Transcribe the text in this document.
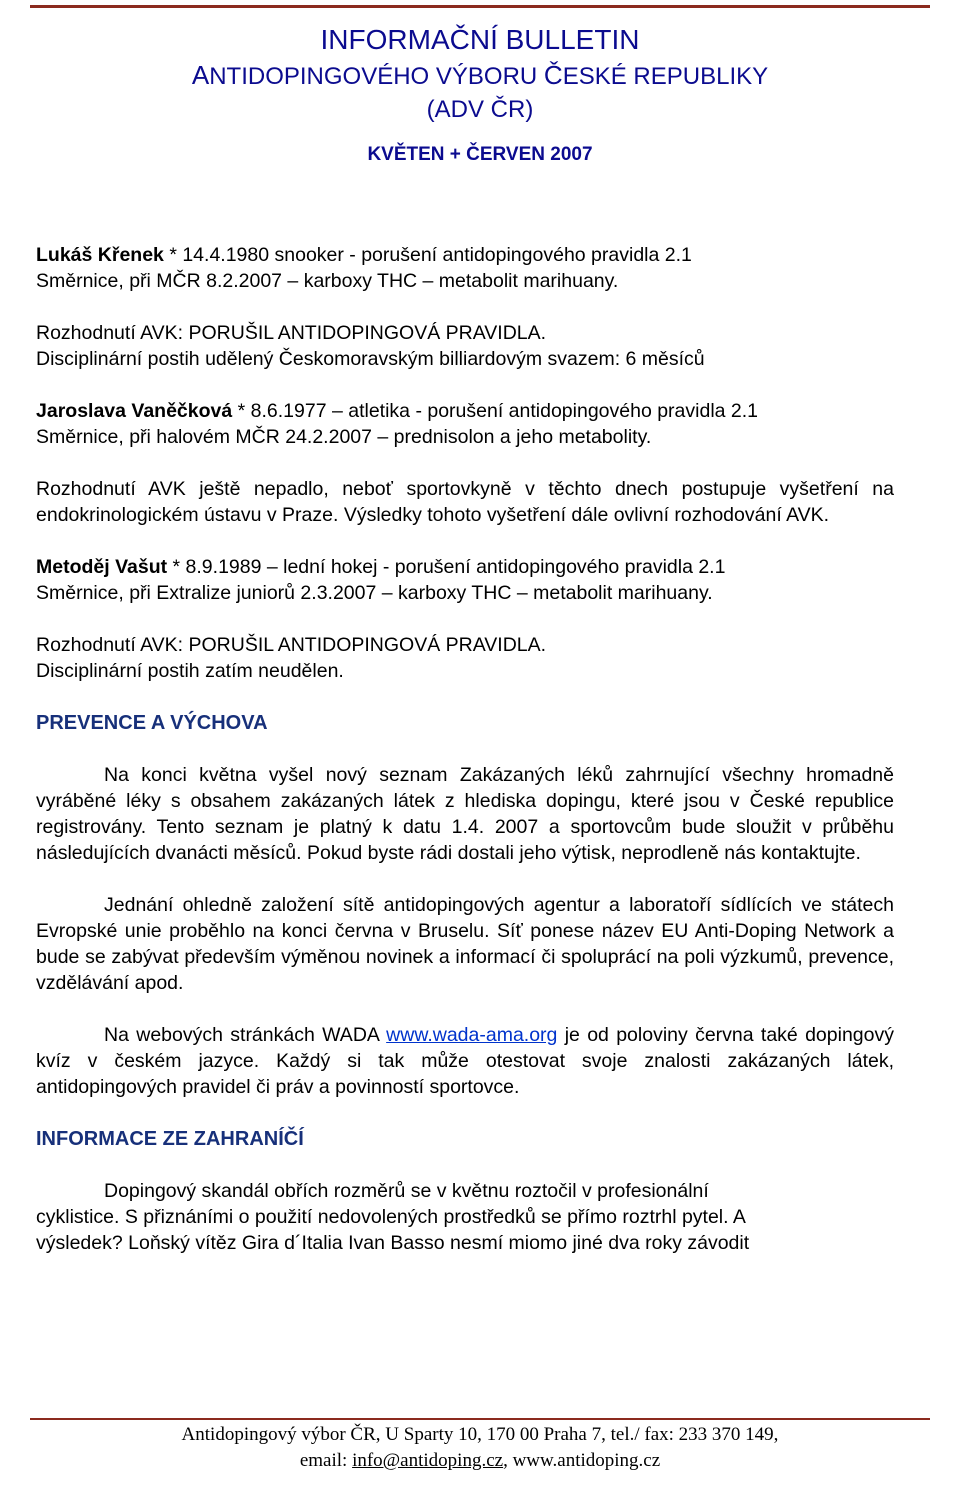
INFORMAČNÍ BULLETIN
ANTIDOPINGOVÉHO VÝBORU ČESKÉ REPUBLIKY
(ADV ČR)
KVĚTEN + ČERVEN 2007

Lukáš Křenek * 14.4.1980 snooker - porušení antidopingového pravidla 2.1

Směrnice, při MČR 8.2.2007 – karboxy THC – metabolit marihuany.

Rozhodnutí AVK: PORUŠIL ANTIDOPINGOVÁ PRAVIDLA.

Disciplinární postih udělený Českomoravským billiardovým svazem: 6 měsíců

Jaroslava Vaněčková * 8.6.1977 – atletika - porušení antidopingového pravidla 2.1

Směrnice, při halovém MČR 24.2.2007 – prednisolon a jeho metabolity.

Rozhodnutí AVK ještě nepadlo, neboť sportovkyně v těchto dnech postupuje vyšetření na endokrinologickém ústavu v Praze. Výsledky tohoto vyšetření dále ovlivní rozhodování AVK.

Metoděj Vašut * 8.9.1989 – lední hokej - porušení antidopingového pravidla 2.1

Směrnice, při Extralize juniorů 2.3.2007 – karboxy THC – metabolit marihuany.

Rozhodnutí AVK: PORUŠIL ANTIDOPINGOVÁ PRAVIDLA.

Disciplinární postih zatím neudělen.

PREVENCE A VÝCHOVA

Na konci května vyšel nový seznam Zakázaných léků zahrnující všechny hromadně vyráběné léky s obsahem zakázaných látek z hlediska dopingu, které jsou v České republice registrovány. Tento seznam je platný k datu 1.4. 2007 a sportovcům bude sloužit v průběhu následujících dvanácti měsíců. Pokud byste rádi dostali jeho výtisk, neprodleně nás kontaktujte.

Jednání ohledně založení sítě antidopingových agentur a laboratoří sídlících ve státech Evropské unie proběhlo na konci června v Bruselu. Síť ponese název EU Anti-Doping Network a bude se zabývat především výměnou novinek a informací či spoluprácí na poli výzkumů, prevence, vzdělávání apod.

Na webových stránkách WADA www.wada-ama.org je od poloviny června také dopingový kvíz v českém jazyce. Každý si tak může otestovat svoje znalosti zakázaných látek, antidopingových pravidel či práv a povinností sportovce.

INFORMACE ZE ZAHRANÍČÍ

Dopingový skandál obřích rozměrů se v květnu roztočil v profesionální

cyklistice. S přiznáními o použití nedovolených prostředků se přímo roztrhl pytel. A

výsledek? Loňský vítěz Gira d´Italia Ivan Basso nesmí miomo jiné dva roky závodit

Antidopingový výbor ČR, U Sparty 10, 170 00 Praha 7, tel./ fax: 233 370 149,
email: info@antidoping.cz, www.antidoping.cz
